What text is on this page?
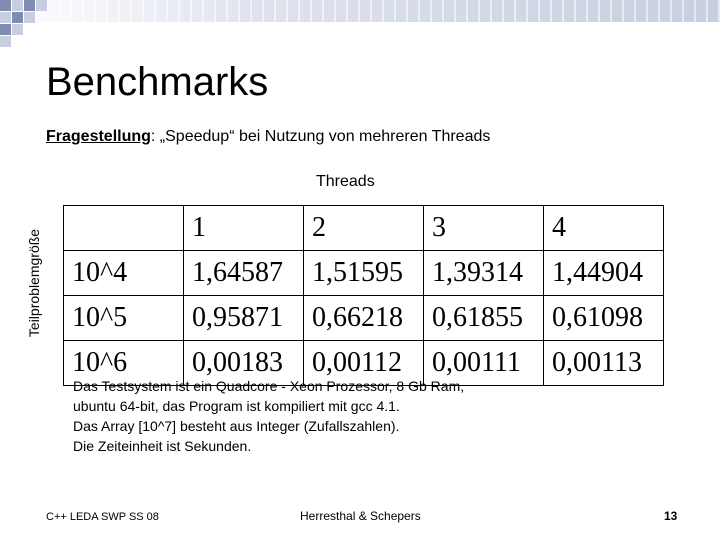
Benchmarks
Fragestellung: „Speedup“ bei Nutzung von mehreren Threads
Threads
Teilproblemgröße
	1	2	3	4
10^4	1,64587	1,51595	1,39314	1,44904
10^5	0,95871	0,66218	0,61855	0,61098
10^6	0,00183	0,00112	0,00111	0,00113
Das Testsystem ist ein Quadcore - Xeon Prozessor, 8 Gb Ram,
ubuntu 64-bit, das Program ist kompiliert mit gcc 4.1.
Das Array [10^7] besteht aus Integer (Zufallszahlen).
Die Zeiteinheit ist Sekunden.
C++ LEDA SWP SS 08	Herresthal & Schepers	13
